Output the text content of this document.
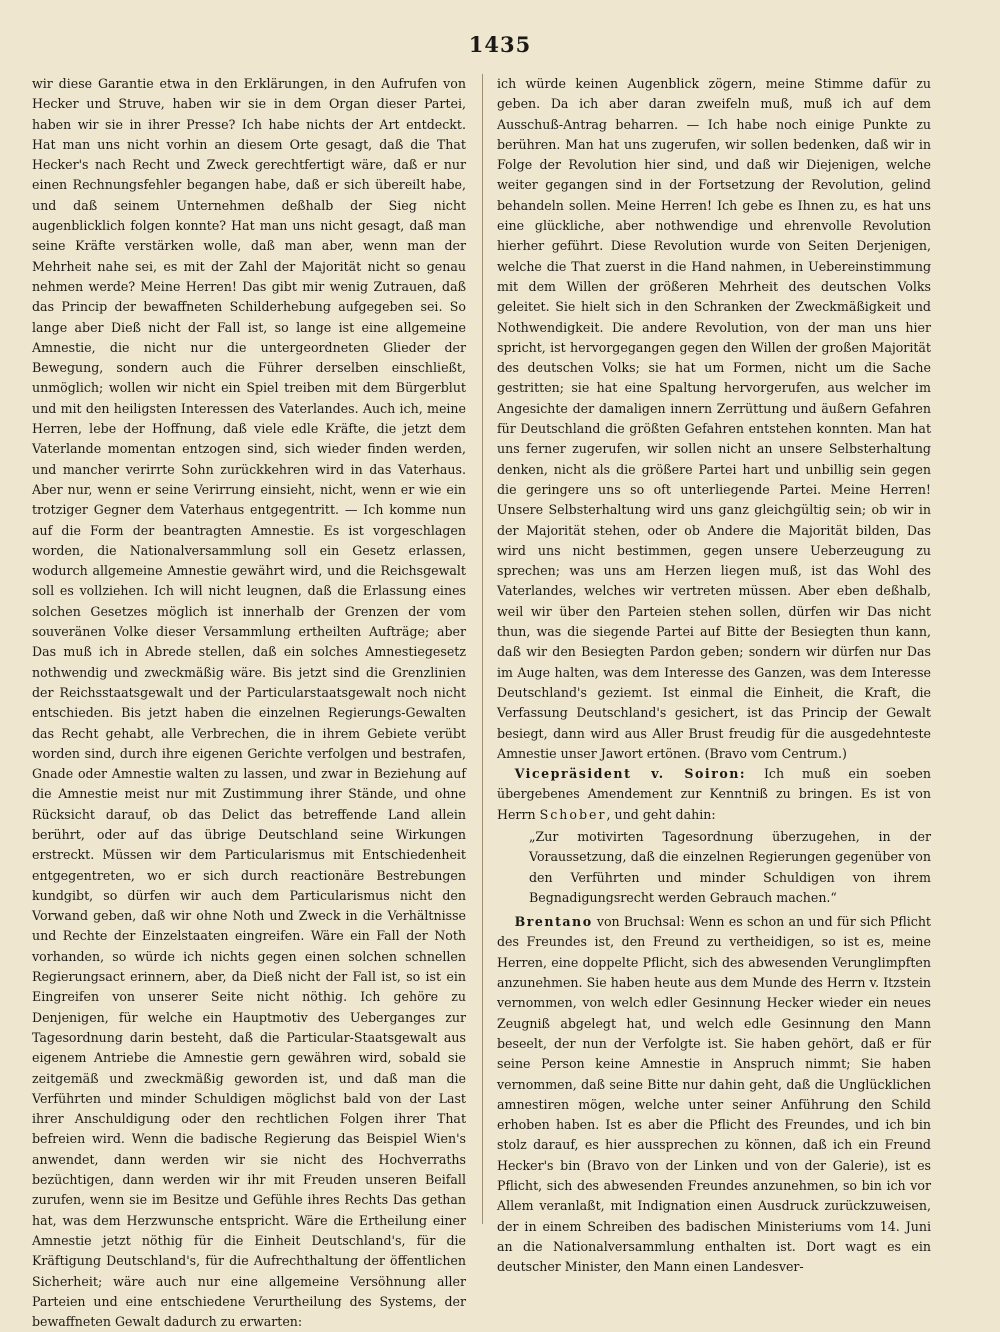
1435

wir diese Garantie etwa in den Erklärungen, in den Aufrufen von Hecker und Struve, haben wir sie in dem Organ dieser Partei, haben wir sie in ihrer Presse? Ich habe nichts der Art entdeckt. Hat man uns nicht vorhin an diesem Orte gesagt, daß die That Hecker's nach Recht und Zweck gerechtfertigt wäre, daß er nur einen Rechnungsfehler begangen habe, daß er sich übereilt habe, und daß seinem Unternehmen deßhalb der Sieg nicht augenblicklich folgen konnte? Hat man uns nicht gesagt, daß man seine Kräfte verstärken wolle, daß man aber, wenn man der Mehrheit nahe sei, es mit der Zahl der Majorität nicht so genau nehmen werde? Meine Herren! Das gibt mir wenig Zutrauen, daß das Princip der bewaffneten Schilderhebung aufgegeben sei. So lange aber Dieß nicht der Fall ist, so lange ist eine allgemeine Amnestie, die nicht nur die untergeordneten Glieder der Bewegung, sondern auch die Führer derselben einschließt, unmöglich; wollen wir nicht ein Spiel treiben mit dem Bürgerblut und mit den heiligsten Interessen des Vaterlandes. Auch ich, meine Herren, lebe der Hoffnung, daß viele edle Kräfte, die jetzt dem Vaterlande momentan entzogen sind, sich wieder finden werden, und mancher verirrte Sohn zurückkehren wird in das Vaterhaus. Aber nur, wenn er seine Verirrung einsieht, nicht, wenn er wie ein trotziger Gegner dem Vaterhaus entgegentritt. — Ich komme nun auf die Form der beantragten Amnestie. Es ist vorgeschlagen worden, die Nationalversammlung soll ein Gesetz erlassen, wodurch allgemeine Amnestie gewährt wird, und die Reichsgewalt soll es vollziehen. Ich will nicht leugnen, daß die Erlassung eines solchen Gesetzes möglich ist innerhalb der Grenzen der vom souveränen Volke dieser Versammlung ertheilten Aufträge; aber Das muß ich in Abrede stellen, daß ein solches Amnestiegesetz nothwendig und zweckmäßig wäre. Bis jetzt sind die Grenzlinien der Reichsstaatsgewalt und der Particularstaatsgewalt noch nicht entschieden. Bis jetzt haben die einzelnen Regierungs-Gewalten das Recht gehabt, alle Verbrechen, die in ihrem Gebiete verübt worden sind, durch ihre eigenen Gerichte verfolgen und bestrafen, Gnade oder Amnestie walten zu lassen, und zwar in Beziehung auf die Amnestie meist nur mit Zustimmung ihrer Stände, und ohne Rücksicht darauf, ob das Delict das betreffende Land allein berührt, oder auf das übrige Deutschland seine Wirkungen erstreckt. Müssen wir dem Particularismus mit Entschiedenheit entgegentreten, wo er sich durch reactionäre Bestrebungen kundgibt, so dürfen wir auch dem Particularismus nicht den Vorwand geben, daß wir ohne Noth und Zweck in die Verhältnisse und Rechte der Einzelstaaten eingreifen. Wäre ein Fall der Noth vorhanden, so würde ich nichts gegen einen solchen schnellen Regierungsact erinnern, aber, da Dieß nicht der Fall ist, so ist ein Eingreifen von unserer Seite nicht nöthig. Ich gehöre zu Denjenigen, für welche ein Hauptmotiv des Ueberganges zur Tagesordnung darin besteht, daß die Particular-Staatsgewalt aus eigenem Antriebe die Amnestie gern gewähren wird, sobald sie zeitgemäß und zweckmäßig geworden ist, und daß man die Verführten und minder Schuldigen möglichst bald von der Last ihrer Anschuldigung oder den rechtlichen Folgen ihrer That befreien wird. Wenn die badische Regierung das Beispiel Wien's anwendet, dann werden wir sie nicht des Hochverraths bezüchtigen, dann werden wir ihr mit Freuden unseren Beifall zurufen, wenn sie im Besitze und Gefühle ihres Rechts Das gethan hat, was dem Herzwunsche entspricht. Wäre die Ertheilung einer Amnestie jetzt nöthig für die Einheit Deutschland's, für die Kräftigung Deutschland's, für die Aufrechthaltung der öffentlichen Sicherheit; wäre auch nur eine allgemeine Versöhnung aller Parteien und eine entschiedene Verurtheilung des Systems, der bewaffneten Gewalt dadurch zu erwarten:

ich würde keinen Augenblick zögern, meine Stimme dafür zu geben. Da ich aber daran zweifeln muß, muß ich auf dem Ausschuß-Antrag beharren. — Ich habe noch einige Punkte zu berühren. Man hat uns zugerufen, wir sollen bedenken, daß wir in Folge der Revolution hier sind, und daß wir Diejenigen, welche weiter gegangen sind in der Fortsetzung der Revolution, gelind behandeln sollen. Meine Herren! Ich gebe es Ihnen zu, es hat uns eine glückliche, aber nothwendige und ehrenvolle Revolution hierher geführt. Diese Revolution wurde von Seiten Derjenigen, welche die That zuerst in die Hand nahmen, in Uebereinstimmung mit dem Willen der größeren Mehrheit des deutschen Volks geleitet. Sie hielt sich in den Schranken der Zweckmäßigkeit und Nothwendigkeit. Die andere Revolution, von der man uns hier spricht, ist hervorgegangen gegen den Willen der großen Majorität des deutschen Volks; sie hat um Formen, nicht um die Sache gestritten; sie hat eine Spaltung hervorgerufen, aus welcher im Angesichte der damaligen innern Zerrüttung und äußern Gefahren für Deutschland die größten Gefahren entstehen konnten. Man hat uns ferner zugerufen, wir sollen nicht an unsere Selbsterhaltung denken, nicht als die größere Partei hart und unbillig sein gegen die geringere uns so oft unterliegende Partei. Meine Herren! Unsere Selbsterhaltung wird uns ganz gleichgültig sein; ob wir in der Majorität stehen, oder ob Andere die Majorität bilden, Das wird uns nicht bestimmen, gegen unsere Ueberzeugung zu sprechen; was uns am Herzen liegen muß, ist das Wohl des Vaterlandes, welches wir vertreten müssen. Aber eben deßhalb, weil wir über den Parteien stehen sollen, dürfen wir Das nicht thun, was die siegende Partei auf Bitte der Besiegten thun kann, daß wir den Besiegten Pardon geben; sondern wir dürfen nur Das im Auge halten, was dem Interesse des Ganzen, was dem Interesse Deutschland's geziemt. Ist einmal die Einheit, die Kraft, die Verfassung Deutschland's gesichert, ist das Princip der Gewalt besiegt, dann wird aus Aller Brust freudig für die ausgedehnteste Amnestie unser Jawort ertönen. (Bravo vom Centrum.)

Vicepräsident v. Soiron: Ich muß ein soeben übergebenes Amendement zur Kenntniß zu bringen. Es ist von Herrn Schober, und geht dahin:

„Zur motivirten Tagesordnung überzugehen, in der Voraussetzung, daß die einzelnen Regierungen gegenüber von den Verführten und minder Schuldigen von ihrem Begnadigungsrecht werden Gebrauch machen.“

Brentano von Bruchsal: Wenn es schon an und für sich Pflicht des Freundes ist, den Freund zu vertheidigen, so ist es, meine Herren, eine doppelte Pflicht, sich des abwesenden Verunglimpften anzunehmen. Sie haben heute aus dem Munde des Herrn v. Itzstein vernommen, von welch edler Gesinnung Hecker wieder ein neues Zeugniß abgelegt hat, und welch edle Gesinnung den Mann beseelt, der nun der Verfolgte ist. Sie haben gehört, daß er für seine Person keine Amnestie in Anspruch nimmt; Sie haben vernommen, daß seine Bitte nur dahin geht, daß die Unglücklichen amnestiren mögen, welche unter seiner Anführung den Schild erhoben haben. Ist es aber die Pflicht des Freundes, und ich bin stolz darauf, es hier aussprechen zu können, daß ich ein Freund Hecker's bin (Bravo von der Linken und von der Galerie), ist es Pflicht, sich des abwesenden Freundes anzunehmen, so bin ich vor Allem veranlaßt, mit Indignation einen Ausdruck zurückzuweisen, der in einem Schreiben des badischen Ministeriums vom 14. Juni an die Nationalversammlung enthalten ist. Dort wagt es ein deutscher Minister, den Mann einen Landesver-
